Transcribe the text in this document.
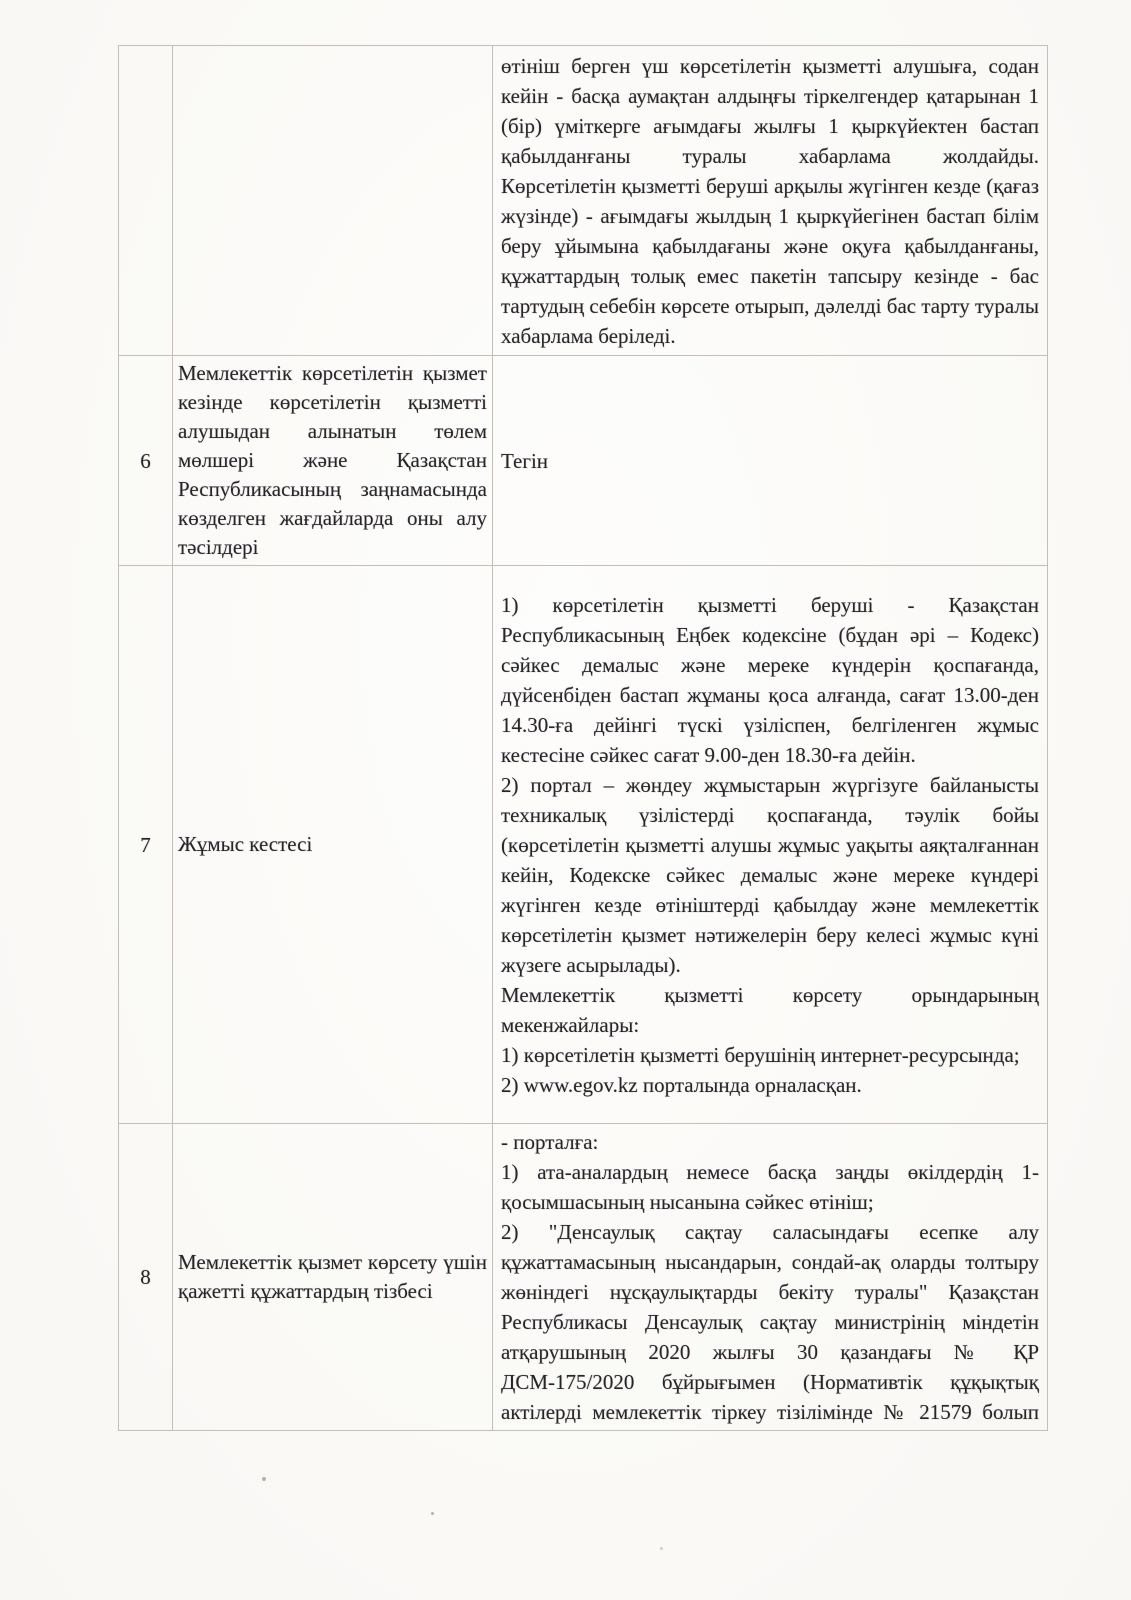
		өтініш берген үш көрсетілетін қызметті алушыға, содан кейін - басқа аумақтан алдыңғы тіркелгендер қатарынан 1 (бір) үміткерге ағымдағы жылғы 1 қыркүйектен бастап қабылданғаны туралы хабарлама жолдайды.

Көрсетілетін қызметті беруші арқылы жүгінген кезде (қағаз жүзінде) - ағымдағы жылдың 1 қыркүйегінен бастап білім беру ұйымына қабылдағаны және оқуға қабылданғаны, құжаттардың толық емес пакетін тапсыру кезінде - бас тартудың себебін көрсете отырып, дәлелді бас тарту туралы хабарлама беріледі.

6	Мемлекеттік көрсетілетін қызмет кезінде көрсетілетін қызметті алушыдан алынатын төлем мөлшері және Қазақстан Республикасының заңнамасында көзделген жағдайларда оны алу тәсілдері	Тегін

7	Жұмыс кестесі	1) көрсетілетін қызметті беруші - Қазақстан Республикасының Еңбек кодексіне (бұдан әрі – Кодекс) сәйкес демалыс және мереке күндерін қоспағанда, дүйсенбіден бастап жұманы қоса алғанда, сағат 13.00-ден 14.30-ға дейінгі түскі үзіліспен, белгіленген жұмыс кестесіне сәйкес сағат 9.00-ден 18.30-ға дейін.

2) портал – жөндеу жұмыстарын жүргізуге байланысты техникалық үзілістерді қоспағанда, тәулік бойы (көрсетілетін қызметті алушы жұмыс уақыты аяқталғаннан кейін, Кодекске сәйкес демалыс және мереке күндері жүгінген кезде өтініштерді қабылдау және мемлекеттік көрсетілетін қызмет нәтижелерін беру келесі жұмыс күні жүзеге асырылады).

Мемлекеттік қызметті көрсету орындарының мекенжайлары:

1) көрсетілетін қызметті берушінің интернет-ресурсында;

2) www.egov.kz порталында орналасқан.

8	Мемлекеттік қызмет көрсету үшін қажетті құжаттардың тізбесі	- порталға:

1) ата-аналардың немесе басқа заңды өкілдердің 1-қосымшасының нысанына сәйкес өтініш;

2) "Денсаулық сақтау саласындағы есепке алу құжаттамасының нысандарын, сондай-ақ оларды толтыру жөніндегі нұсқаулықтарды бекіту туралы" Қазақстан Республикасы Денсаулық сақтау министрінің міндетін атқарушының 2020 жылғы 30 қазандағы № ҚР ДСМ-175/2020 бұйрығымен (Нормативтік құқықтық актілерді мемлекеттік тіркеу тізілімінде № 21579 болып
